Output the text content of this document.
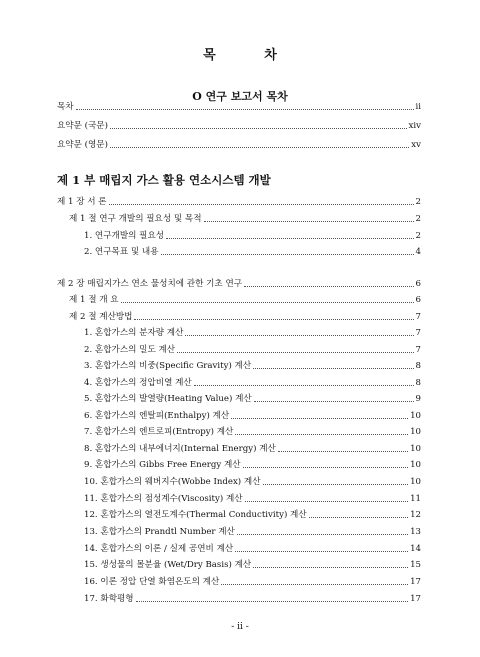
목 차
O 연구 보고서 목차
목차	ii
요약문 (국문)	xiv
요약문 (영문)	xv
제 1 부 매립지 가스 활용 연소시스템 개발
제 1 장 서 론	2
제 1 절 연구 개발의 필요성 및 목적	2
1. 연구개발의 필요성	2
2. 연구목표 및 내용	4
제 2 장 매립지가스 연소 물성치에 관한 기초 연구	6
제 1 절 개 요	6
제 2 절 계산방법	7
1. 혼합가스의 분자량 계산	7
2. 혼합가스의 밀도 계산	7
3. 혼합가스의 비중(Specific Gravity) 계산	8
4. 혼합가스의 정압비열 계산	8
5. 혼합가스의 발열량(Heating Value) 계산	9
6. 혼합가스의 엔탈피(Enthalpy) 계산	10
7. 혼합가스의 엔트로피(Entropy) 계산	10
8. 혼합가스의 내부에너지(Internal Energy) 계산	10
9. 혼합가스의 Gibbs Free Energy 계산	10
10. 혼합가스의 웨버지수(Wobbe Index) 계산	10
11. 혼합가스의 점성계수(Viscosity) 계산	11
12. 혼합가스의 열전도계수(Thermal Conductivity) 계산	12
13. 혼합가스의 Prandtl Number 계산	13
14. 혼합가스의 이론 / 실제 공연비 계산	14
15. 생성물의 몰분율 (Wet/Dry Basis) 계산	15
16. 이론 정압 단열 화염온도의 계산	17
17. 화학평형	17
- ii -
